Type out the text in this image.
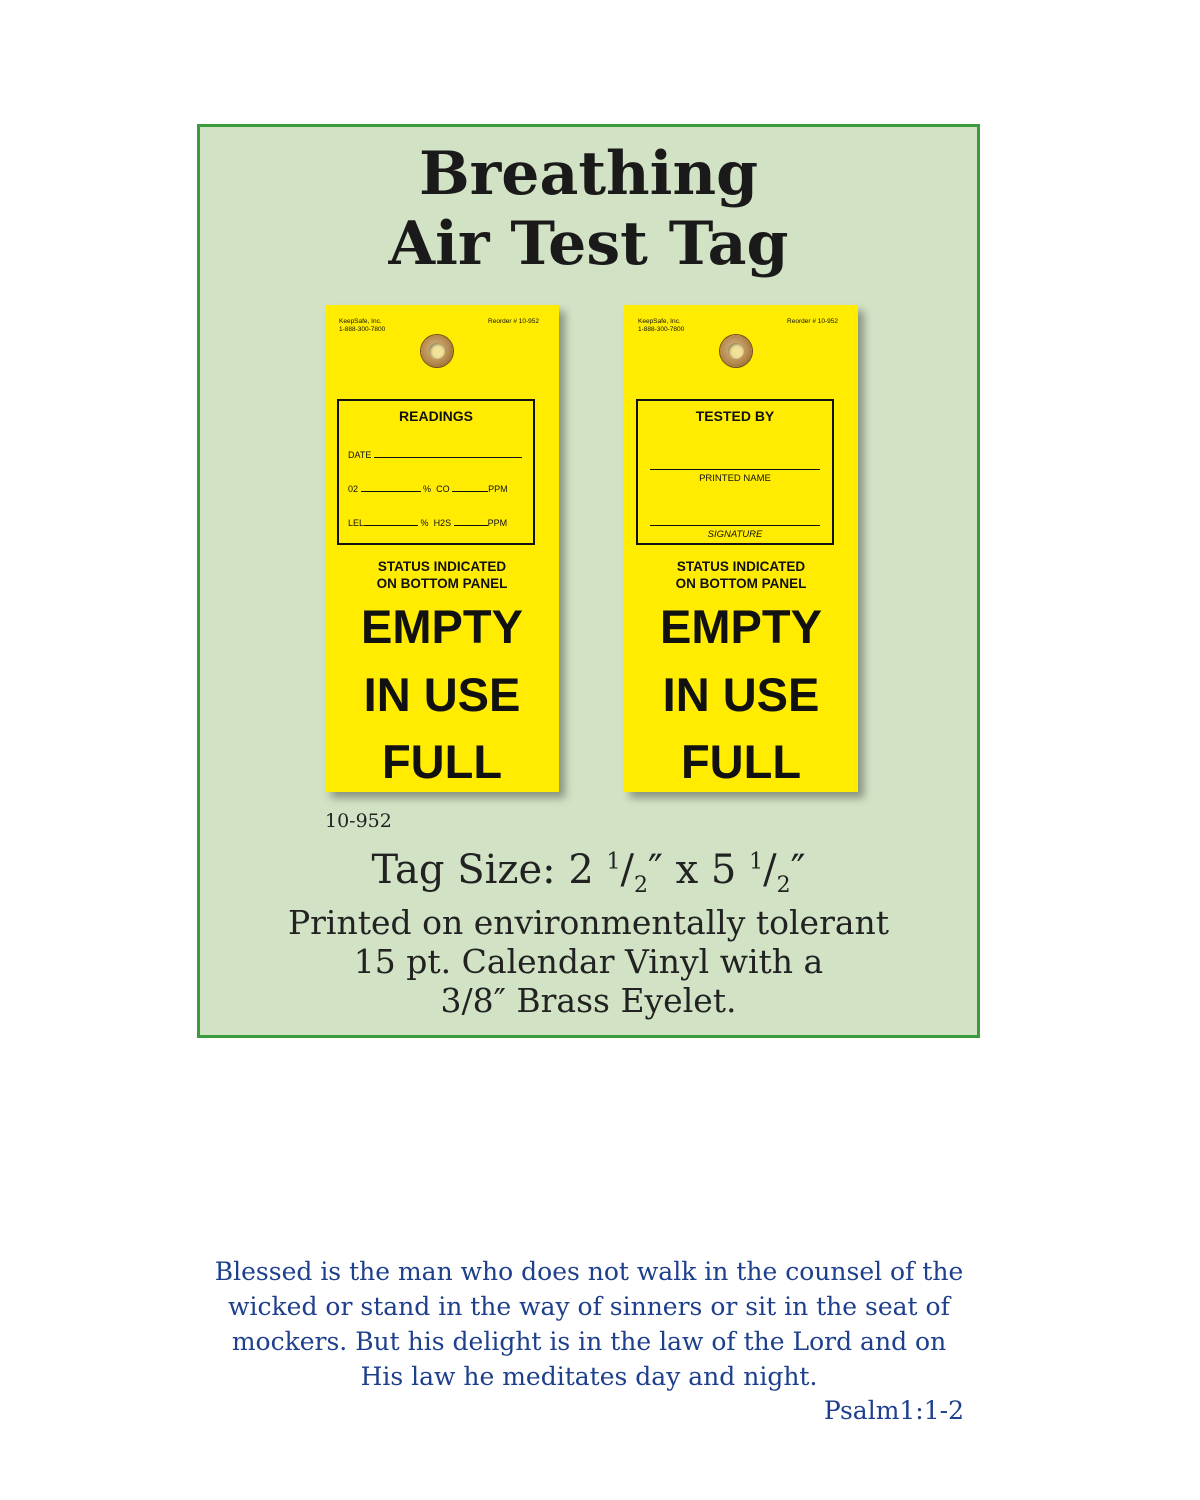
Breathing
Air Test Tag
KeepSafe, Inc.
1-888-300-7800
Reorder # 10-952
READINGS
DATE
02	% CO	PPM
LEL	% H2S	PPM
STATUS INDICATED
ON BOTTOM PANEL
EMPTY
IN USE
FULL
KeepSafe, Inc.
1-888-300-7800
Reorder # 10-952
TESTED BY
PRINTED NAME
SIGNATURE
STATUS INDICATED
ON BOTTOM PANEL
EMPTY
IN USE
FULL
10-952
Tag Size: 2 $^1/_2''$ x 5 $^1/_2''$
Printed on environmentally tolerant
15 pt. Calendar Vinyl with a
3/8″ Brass Eyelet.
Blessed is the man who does not walk in the counsel of the
wicked or stand in the way of sinners or sit in the seat of
mockers. But his delight is in the law of the Lord and on
His law he meditates day and night.
Psalm1:1-2
